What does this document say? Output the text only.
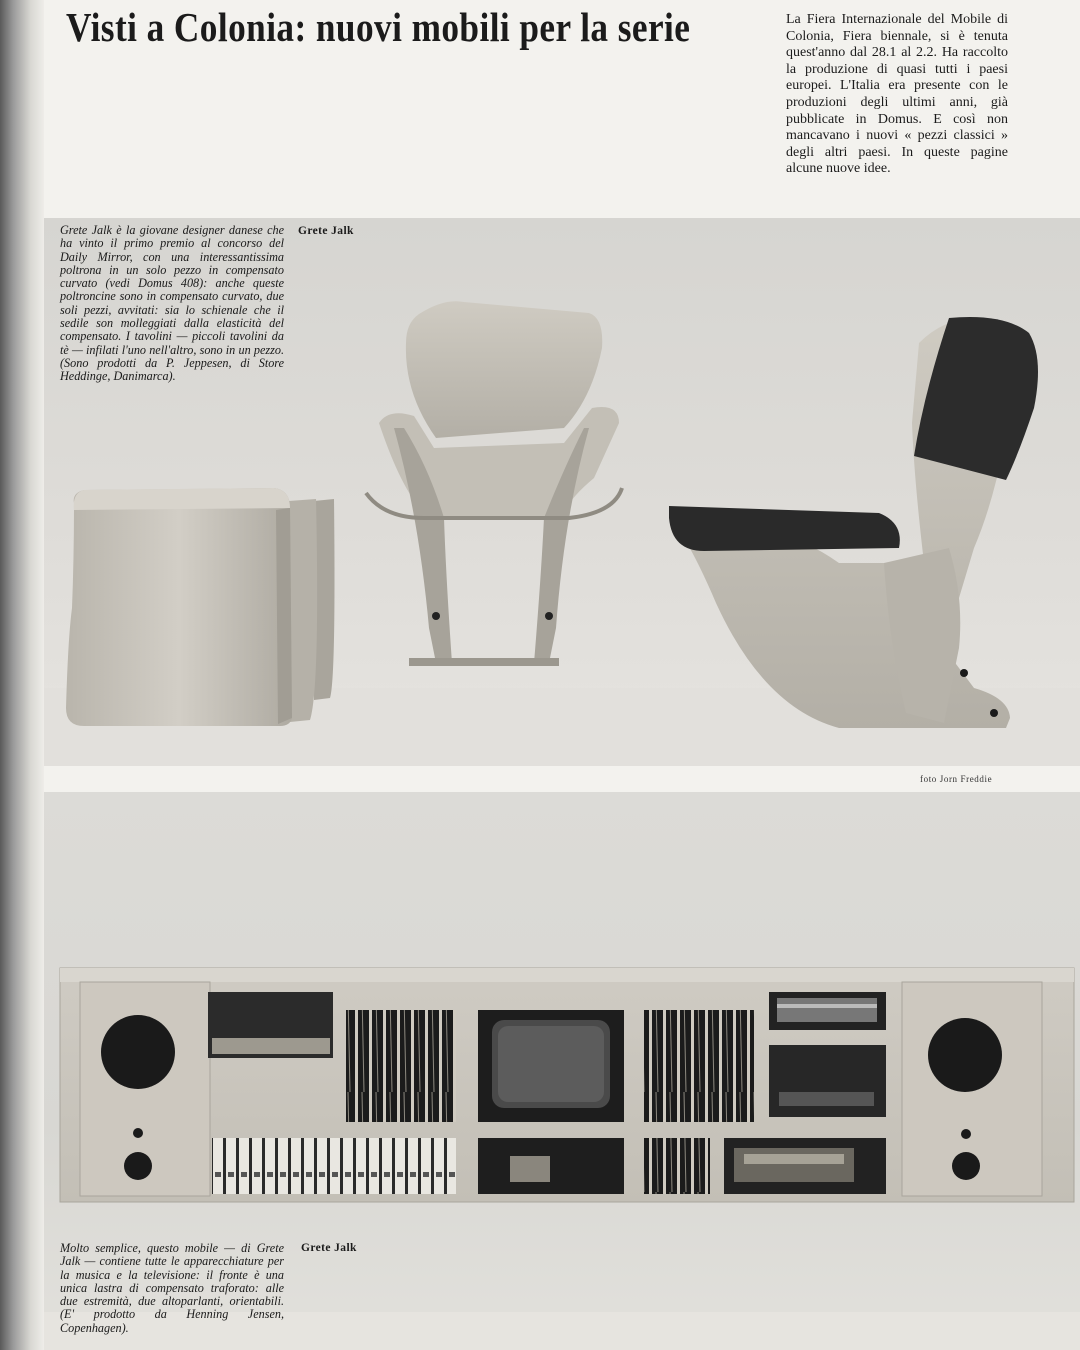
Visti a Colonia: nuovi mobili per la serie	La Fiera Internazionale del Mobile di Colonia, Fiera biennale, si è tenuta quest'anno dal 28.1 al 2.2. Ha raccolto la produzione di quasi tutti i paesi europei. L'Italia era presente con le produzioni degli ultimi anni, già pubblicate in Domus. E così non mancavano i nuovi « pezzi classici » degli altri paesi. In queste pagine alcune nuove idee.

Grete Jalk è la giovane designer danese che ha vinto il primo premio al concorso del Daily Mirror, con una interessantissima poltrona in un solo pezzo in compensato curvato (vedi Domus 408): anche queste poltroncine sono in compensato curvato, due soli pezzi, avvitati: sia lo schienale che il sedile son molleggiati dalla elasticità del compensato. I tavolini — piccoli tavolini da tè — infilati l'uno nell'altro, sono in un pezzo. (Sono prodotti da P. Jeppesen, di Store Heddinge, Danimarca).

Grete Jalk

foto Jorn Freddie

Molto semplice, questo mobile — di Grete Jalk — contiene tutte le apparecchiature per la musica e la televisione: il fronte è una unica lastra di compensato traforato: alle due estremità, due altoparlanti, orientabili. (E' prodotto da Henning Jensen, Copenhagen).

Grete Jalk
